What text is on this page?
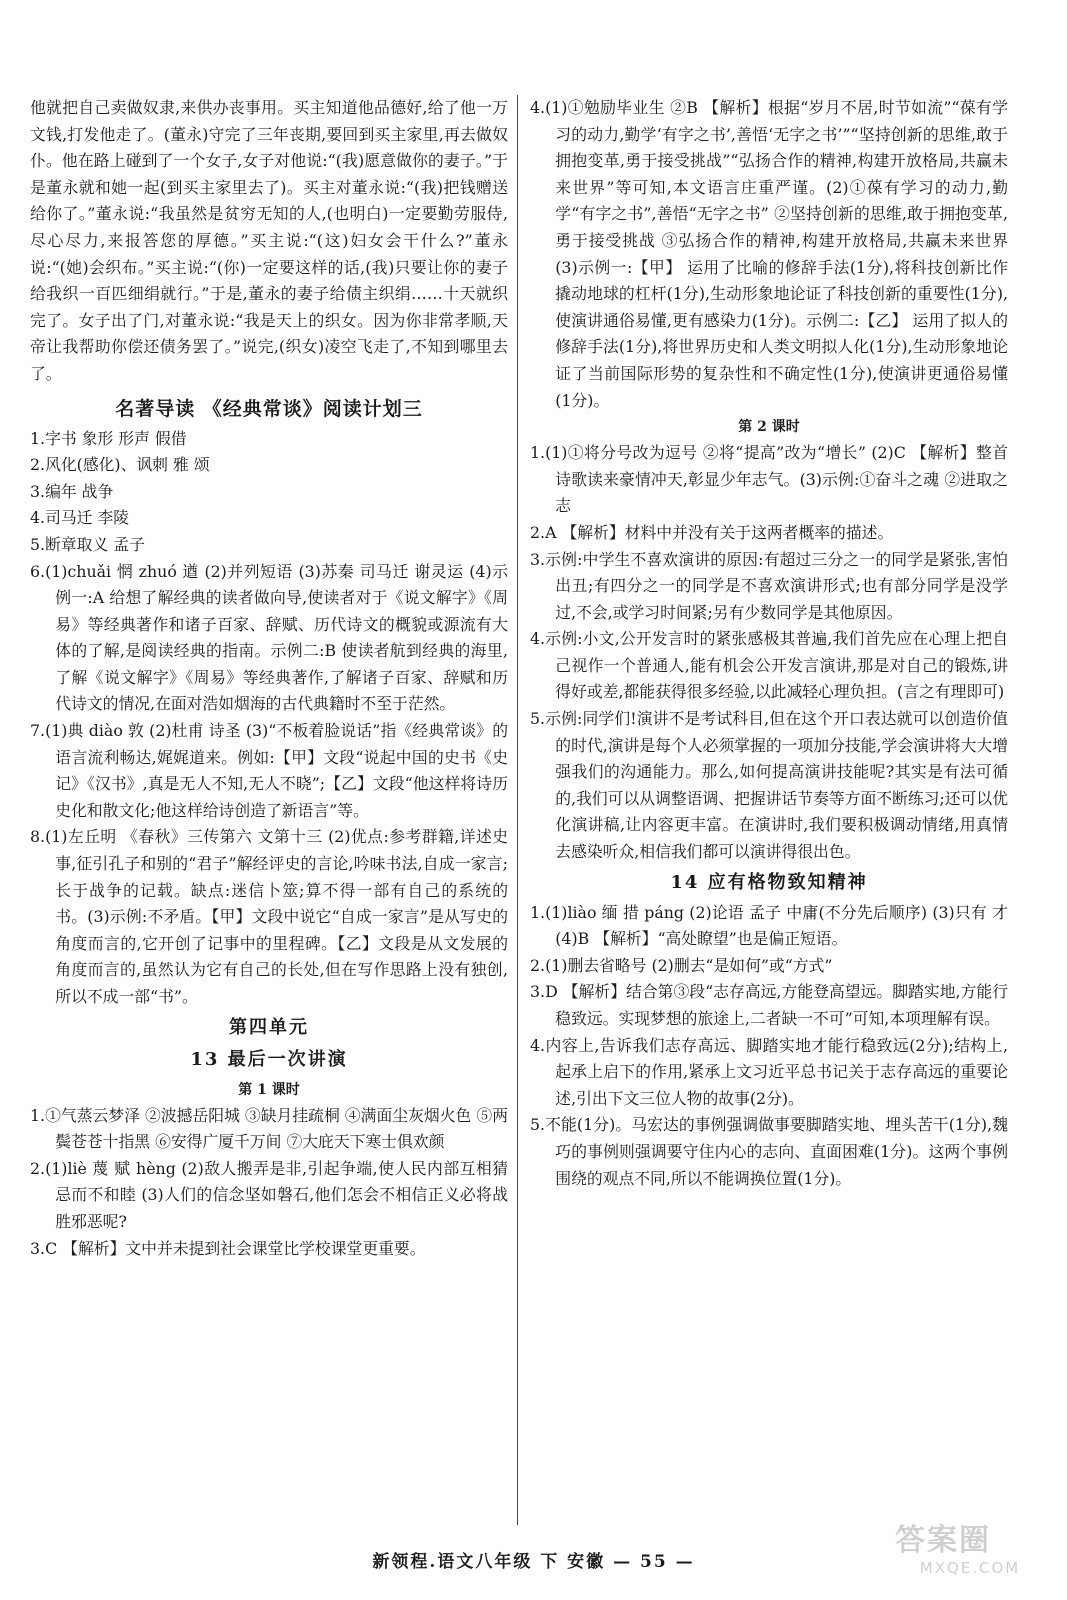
他就把自己卖做奴隶,来供办丧事用。买主知道他品德好,给了他一万文钱,打发他走了。(董永)守完了三年丧期,要回到买主家里,再去做奴仆。他在路上碰到了一个女子,女子对他说:“(我)愿意做你的妻子。”于是董永就和她一起(到买主家里去了)。买主对董永说:“(我)把钱赠送给你了。”董永说:“我虽然是贫穷无知的人,(也明白)一定要勤劳服侍,尽心尽力,来报答您的厚德。”买主说:“(这)妇女会干什么?”董永说:“(她)会织布。”买主说:“(你)一定要这样的话,(我)只要让你的妻子给我织一百匹细绢就行。”于是,董永的妻子给债主织绢……十天就织完了。女子出了门,对董永说:“我是天上的织女。因为你非常孝顺,天帝让我帮助你偿还债务罢了。”说完,(织女)凌空飞走了,不知到哪里去了。

名著导读 《经典常谈》阅读计划三

1.字书 象形 形声 假借

2.风化(感化)、讽刺 雅 颂

3.编年 战争

4.司马迁 李陵

5.断章取义 孟子

6.(1)chuǎi 惘 zhuó 遒 (2)并列短语 (3)苏秦 司马迁 谢灵运 (4)示例一:A 给想了解经典的读者做向导,使读者对于《说文解字》《周易》等经典著作和诸子百家、辞赋、历代诗文的概貌或源流有大体的了解,是阅读经典的指南。示例二:B 使读者航到经典的海里,了解《说文解字》《周易》等经典著作,了解诸子百家、辞赋和历代诗文的情况,在面对浩如烟海的古代典籍时不至于茫然。

7.(1)典 diào 敦 (2)杜甫 诗圣 (3)“不板着脸说话”指《经典常谈》的语言流利畅达,娓娓道来。例如:【甲】文段“说起中国的史书《史记》《汉书》,真是无人不知,无人不晓”;【乙】文段“他这样将诗历史化和散文化;他这样给诗创造了新语言”等。

8.(1)左丘明 《春秋》三传第六 文第十三 (2)优点:参考群籍,详述史事,征引孔子和别的“君子”解经评史的言论,吟味书法,自成一家言;长于战争的记载。缺点:迷信卜筮;算不得一部有自己的系统的书。(3)示例:不矛盾。【甲】文段中说它“自成一家言”是从写史的角度而言的,它开创了记事中的里程碑。【乙】文段是从文发展的角度而言的,虽然认为它有自己的长处,但在写作思路上没有独创,所以不成一部“书”。

第四单元

13 最后一次讲演

第 1 课时

1.①气蒸云梦泽 ②波撼岳阳城 ③缺月挂疏桐 ④满面尘灰烟火色 ⑤两鬓苍苍十指黑 ⑥安得广厦千万间 ⑦大庇天下寒士俱欢颜

2.(1)liè 蔑 赋 hèng (2)敌人搬弄是非,引起争端,使人民内部互相猜忌而不和睦 (3)人们的信念坚如磐石,他们怎会不相信正义必将战胜邪恶呢?

3.C 【解析】文中并未提到社会课堂比学校课堂更重要。

4.(1)①勉励毕业生 ②B 【解析】根据“岁月不居,时节如流”“葆有学习的动力,勤学‘有字之书’,善悟‘无字之书’”“坚持创新的思维,敢于拥抱变革,勇于接受挑战”“弘扬合作的精神,构建开放格局,共赢未来世界”等可知,本文语言庄重严谨。(2)①葆有学习的动力,勤学“有字之书”,善悟“无字之书” ②坚持创新的思维,敢于拥抱变革,勇于接受挑战 ③弘扬合作的精神,构建开放格局,共赢未来世界 (3)示例一:【甲】 运用了比喻的修辞手法(1分),将科技创新比作撬动地球的杠杆(1分),生动形象地论证了科技创新的重要性(1分),使演讲通俗易懂,更有感染力(1分)。示例二:【乙】 运用了拟人的修辞手法(1分),将世界历史和人类文明拟人化(1分),生动形象地论证了当前国际形势的复杂性和不确定性(1分),使演讲更通俗易懂(1分)。

第 2 课时

1.(1)①将分号改为逗号 ②将“提高”改为“增长” (2)C 【解析】整首诗歌读来豪情冲天,彰显少年志气。(3)示例:①奋斗之魂 ②进取之志

2.A 【解析】材料中并没有关于这两者概率的描述。

3.示例:中学生不喜欢演讲的原因:有超过三分之一的同学是紧张,害怕出丑;有四分之一的同学是不喜欢演讲形式;也有部分同学是没学过,不会,或学习时间紧;另有少数同学是其他原因。

4.示例:小文,公开发言时的紧张感极其普遍,我们首先应在心理上把自己视作一个普通人,能有机会公开发言演讲,那是对自己的锻炼,讲得好或差,都能获得很多经验,以此减轻心理负担。(言之有理即可)

5.示例:同学们!演讲不是考试科目,但在这个开口表达就可以创造价值的时代,演讲是每个人必须掌握的一项加分技能,学会演讲将大大增强我们的沟通能力。那么,如何提高演讲技能呢?其实是有法可循的,我们可以从调整语调、把握讲话节奏等方面不断练习;还可以优化演讲稿,让内容更丰富。在演讲时,我们要积极调动情绪,用真情去感染听众,相信我们都可以演讲得很出色。

14 应有格物致知精神

1.(1)liào 缅 措 páng (2)论语 孟子 中庸(不分先后顺序) (3)只有 才 (4)B 【解析】“高处瞭望”也是偏正短语。

2.(1)删去省略号 (2)删去“是如何”或“方式”

3.D 【解析】结合第③段“志存高远,方能登高望远。脚踏实地,方能行稳致远。实现梦想的旅途上,二者缺一不可”可知,本项理解有误。

4.内容上,告诉我们志存高远、脚踏实地才能行稳致远(2分);结构上,起承上启下的作用,紧承上文习近平总书记关于志存高远的重要论述,引出下文三位人物的故事(2分)。

5.不能(1分)。马宏达的事例强调做事要脚踏实地、埋头苦干(1分),魏巧的事例则强调要守住内心的志向、直面困难(1分)。这两个事例围绕的观点不同,所以不能调换位置(1分)。

新领程.语文八年级 下 安徽 — 55 —
答案圈
MXQE.COM
